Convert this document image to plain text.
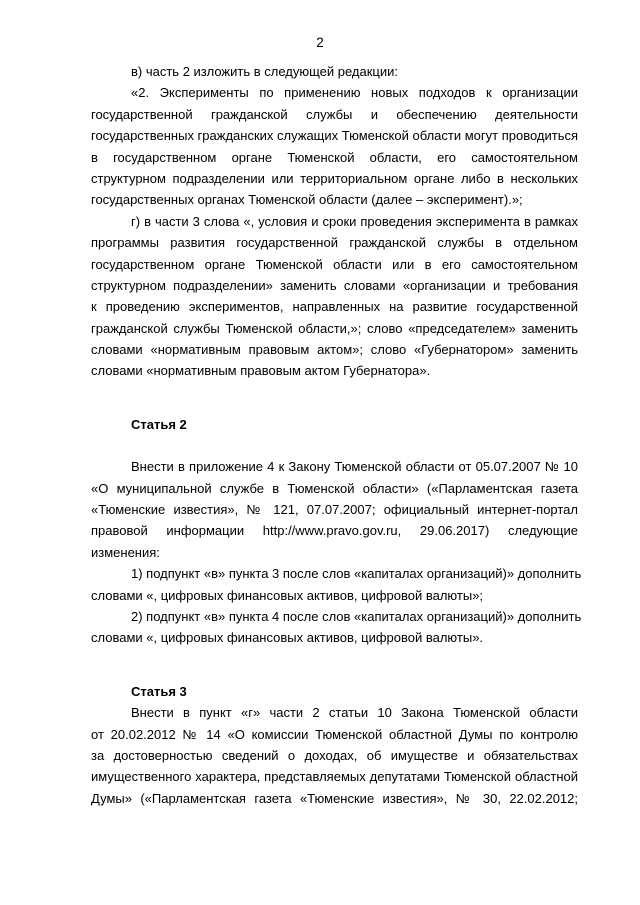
2
в) часть 2 изложить в следующей редакции:
«2. Эксперименты по применению новых подходов к организации
государственной гражданской службы и обеспечению деятельности
государственных гражданских служащих Тюменской области могут проводиться
в государственном органе Тюменской области, его самостоятельном
структурном подразделении или территориальном органе либо в нескольких
государственных органах Тюменской области (далее – эксперимент).»;
г) в части 3 слова «, условия и сроки проведения эксперимента в рамках
программы развития государственной гражданской службы в отдельном
государственном органе Тюменской области или в его самостоятельном
структурном подразделении» заменить словами «организации и требования
к проведению экспериментов, направленных на развитие государственной
гражданской службы Тюменской области,»; слово «председателем» заменить
словами «нормативным правовым актом»; слово «Губернатором» заменить
словами «нормативным правовым актом Губернатора».
Статья 2
Внести в приложение 4 к Закону Тюменской области от 05.07.2007 № 10
«О муниципальной службе в Тюменской области» («Парламентская газета
«Тюменские известия», № 121, 07.07.2007; официальный интернет-портал
правовой информации http://www.pravo.gov.ru, 29.06.2017) следующие
изменения:
1) подпункт «в» пункта 3 после слов «капиталах организаций)» дополнить
словами «, цифровых финансовых активов, цифровой валюты»;
2) подпункт «в» пункта 4 после слов «капиталах организаций)» дополнить
словами «, цифровых финансовых активов, цифровой валюты».
Статья 3
Внести в пункт «г» части 2 статьи 10 Закона Тюменской области
от 20.02.2012 № 14 «О комиссии Тюменской областной Думы по контролю
за достоверностью сведений о доходах, об имуществе и обязательствах
имущественного характера, представляемых депутатами Тюменской областной
Думы» («Парламентская газета «Тюменские известия», № 30, 22.02.2012;
